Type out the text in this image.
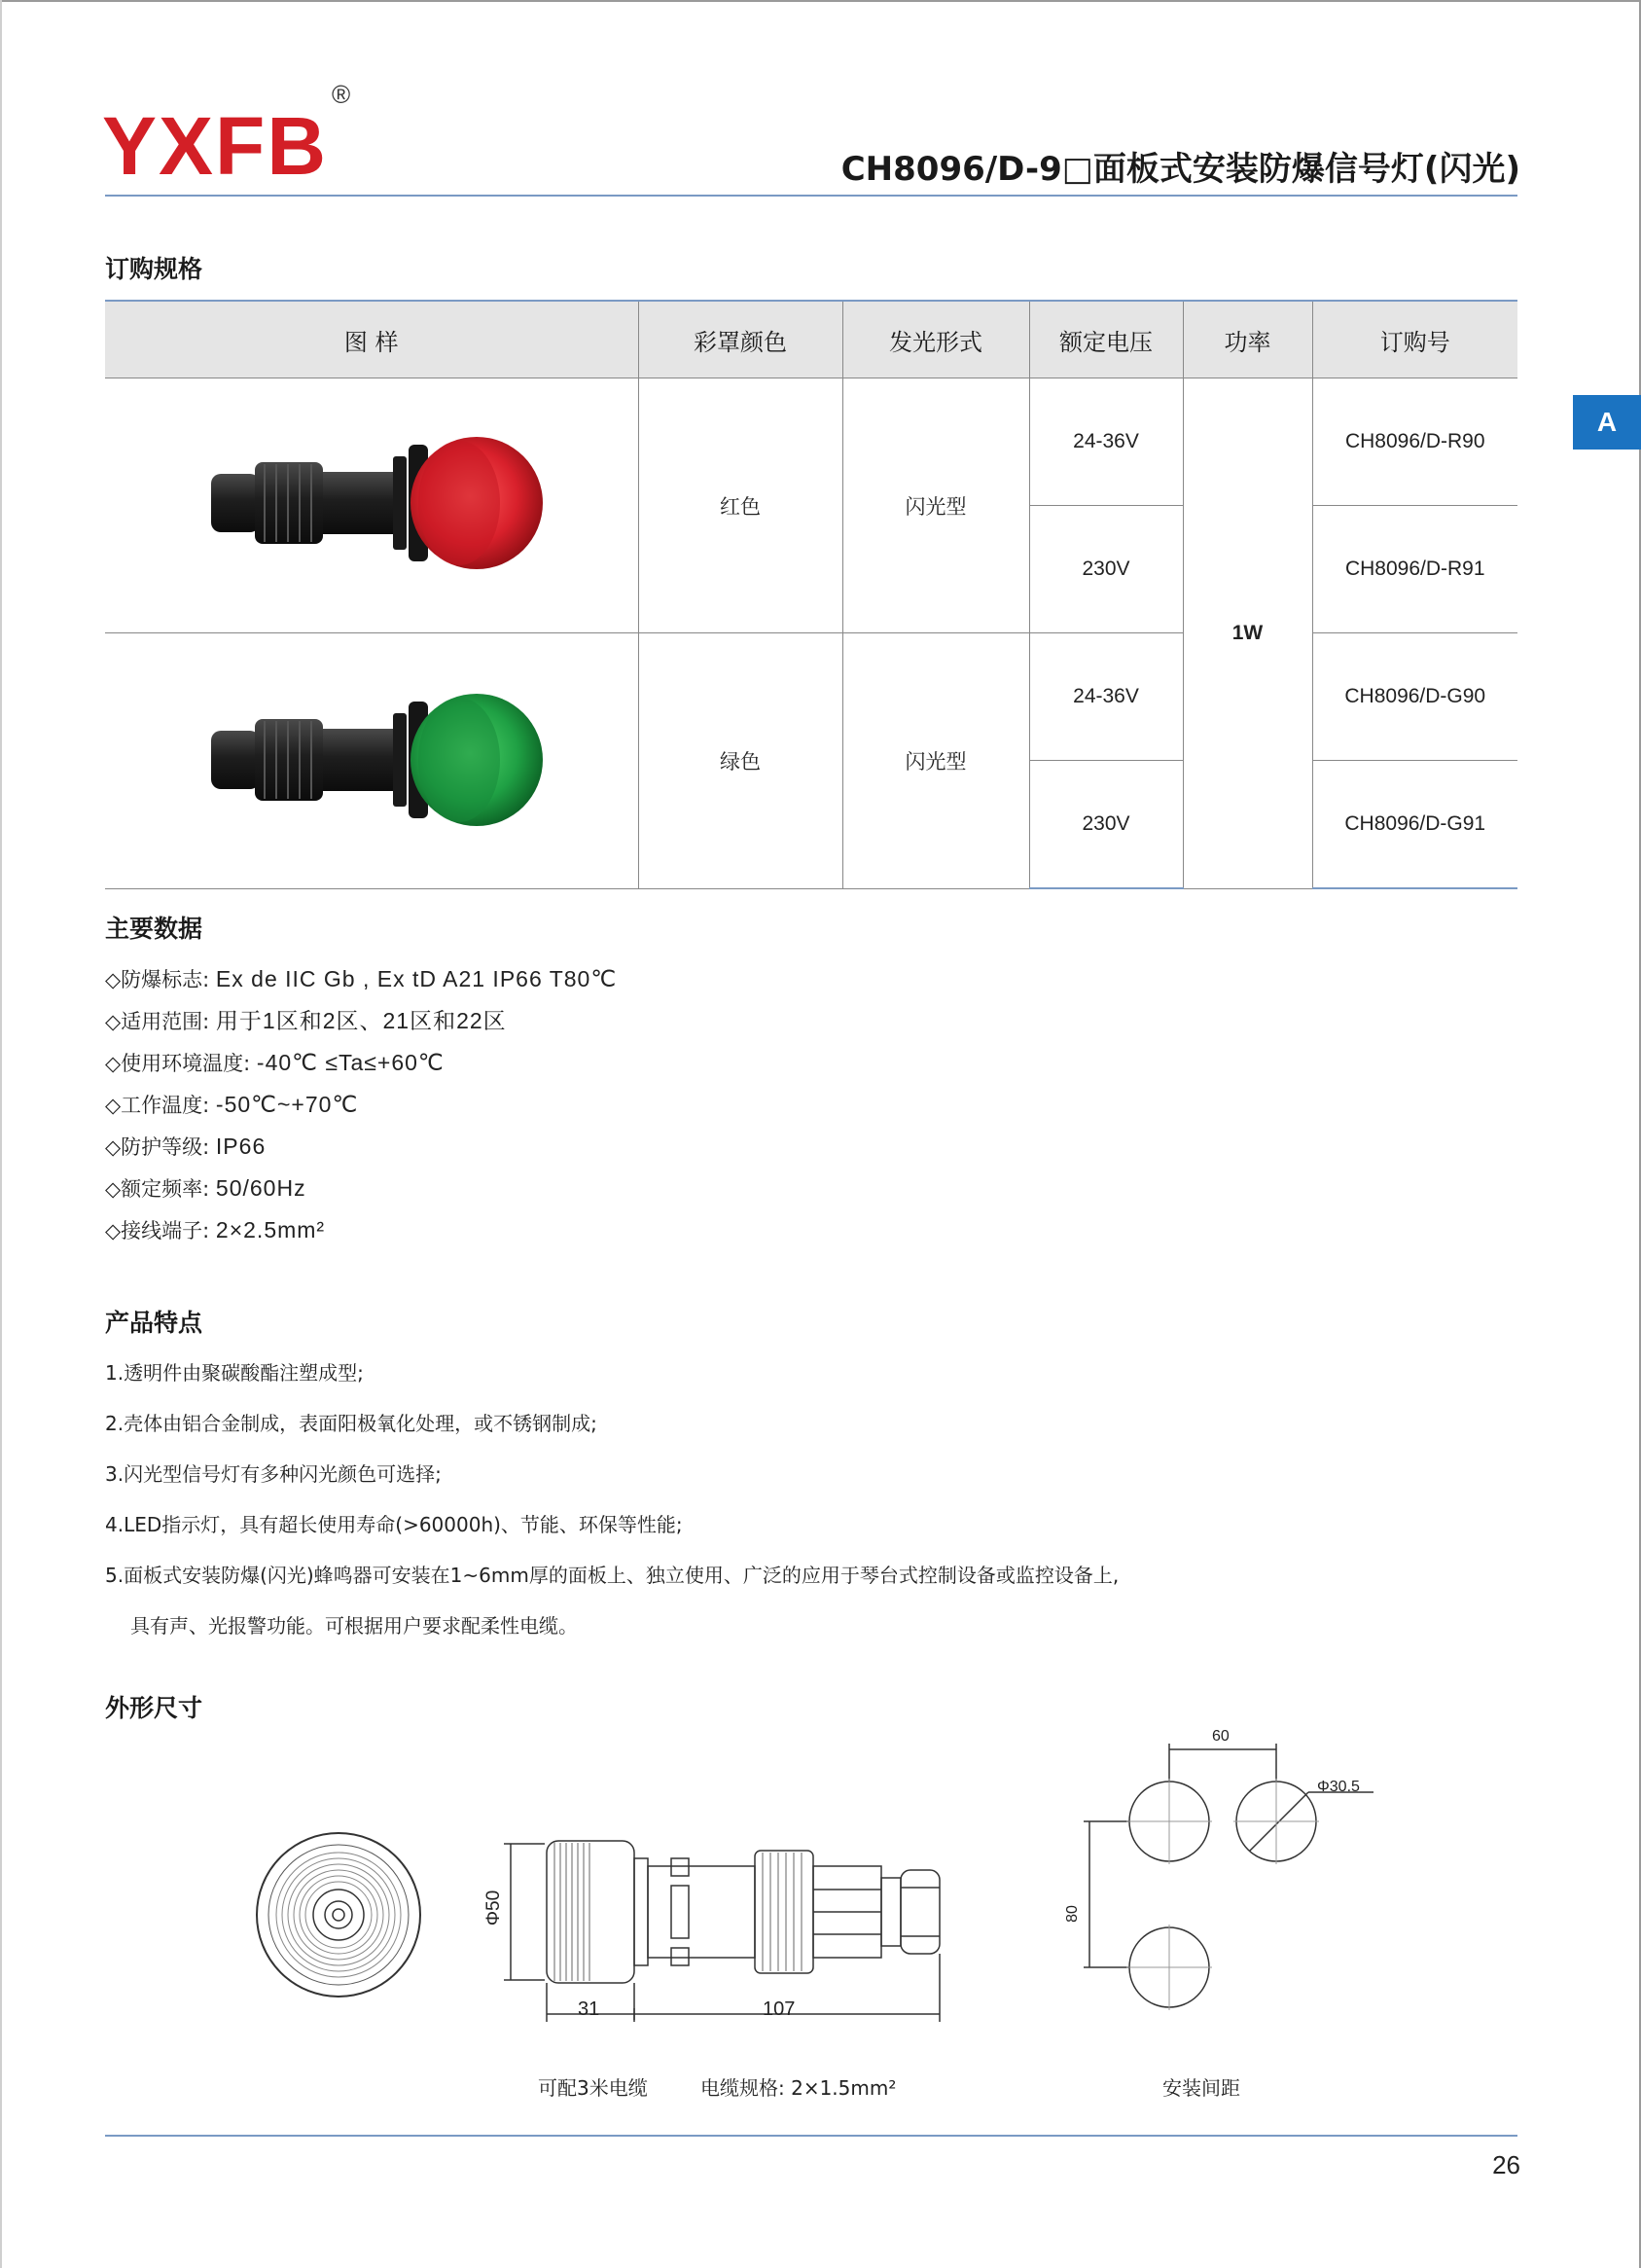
YXFB®
CH8096/D-9□面板式安装防爆信号灯(闪光)
A
订购规格
图 样	彩罩颜色	发光形式	额定电压	功率	订购号
	红色	闪光型	24-36V	1W	CH8096/D-R90
			230V		CH8096/D-R91
	绿色	闪光型	24-36V		CH8096/D-G90
			230V		CH8096/D-G91
主要数据
◇防爆标志: Ex de IIC Gb , Ex tD A21 IP66 T80℃
◇适用范围: 用于1区和2区、21区和22区
◇使用环境温度: -40℃ ≤Ta≤+60℃
◇工作温度: -50℃~+70℃
◇防护等级: IP66
◇额定频率: 50/60Hz
◇接线端子: 2×2.5mm²
产品特点
1.透明件由聚碳酸酯注塑成型;
2.壳体由铝合金制成，表面阳极氧化处理，或不锈钢制成;
3.闪光型信号灯有多种闪光颜色可选择;
4.LED指示灯，具有超长使用寿命(>60000h)、节能、环保等性能;
5.面板式安装防爆(闪光)蜂鸣器可安装在1~6mm厚的面板上、独立使用、广泛的应用于琴台式控制设备或监控设备上,
具有声、光报警功能。可根据用户要求配柔性电缆。
外形尺寸
Φ50
31	107
可配3米电缆	电缆规格: 2×1.5mm²
60
80
Φ30.5
安装间距
26
